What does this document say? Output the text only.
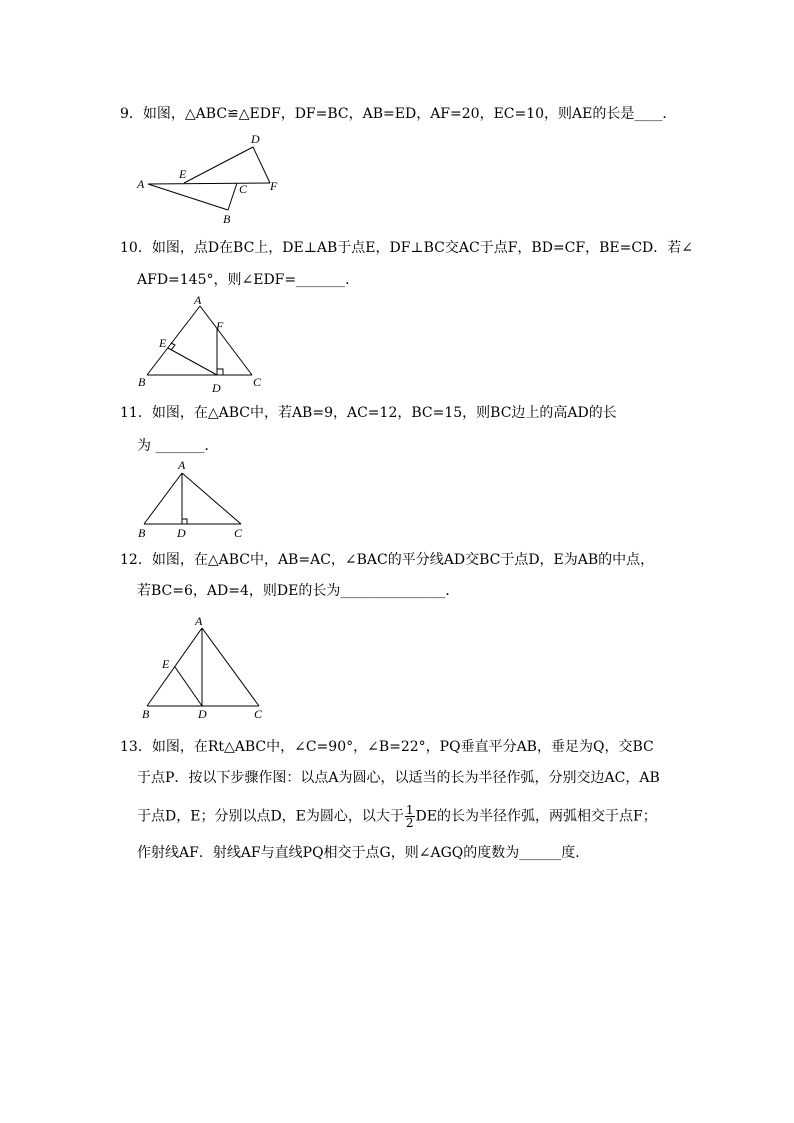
9．如图，△ABC≌△EDF，DF=BC，AB=ED，AF=20，EC=10，则AE的长是____．
A
B
C
D
E
F
10．如图，点D在BC上，DE⊥AB于点E，DF⊥BC交AC于点F，BD=CF，BE=CD．若∠
AFD=145°，则∠EDF=_______．
A
B	C
D
E
F
11．如图，在△ABC中，若AB=9，AC=12，BC=15，则BC边上的高AD的长
为 _______．
A
B	C
D
12．如图，在△ABC中，AB=AC，∠BAC的平分线AD交BC于点D，E为AB的中点，
若BC=6，AD=4，则DE的长为_______________．
A
B	C
D
E
13．如图，在Rt△ABC中，∠C=90°，∠B=22°，PQ垂直平分AB，垂足为Q，交BC
于点P．按以下步骤作图：以点A为圆心，以适当的长为半径作弧，分别交边AC，AB
于点D，E；分别以点D，E为圆心，以大于 $\frac{1}{2}$ DE的长为半径作弧，两弧相交于点F；
作射线AF．射线AF与直线PQ相交于点G，则∠AGQ的度数为______度．
